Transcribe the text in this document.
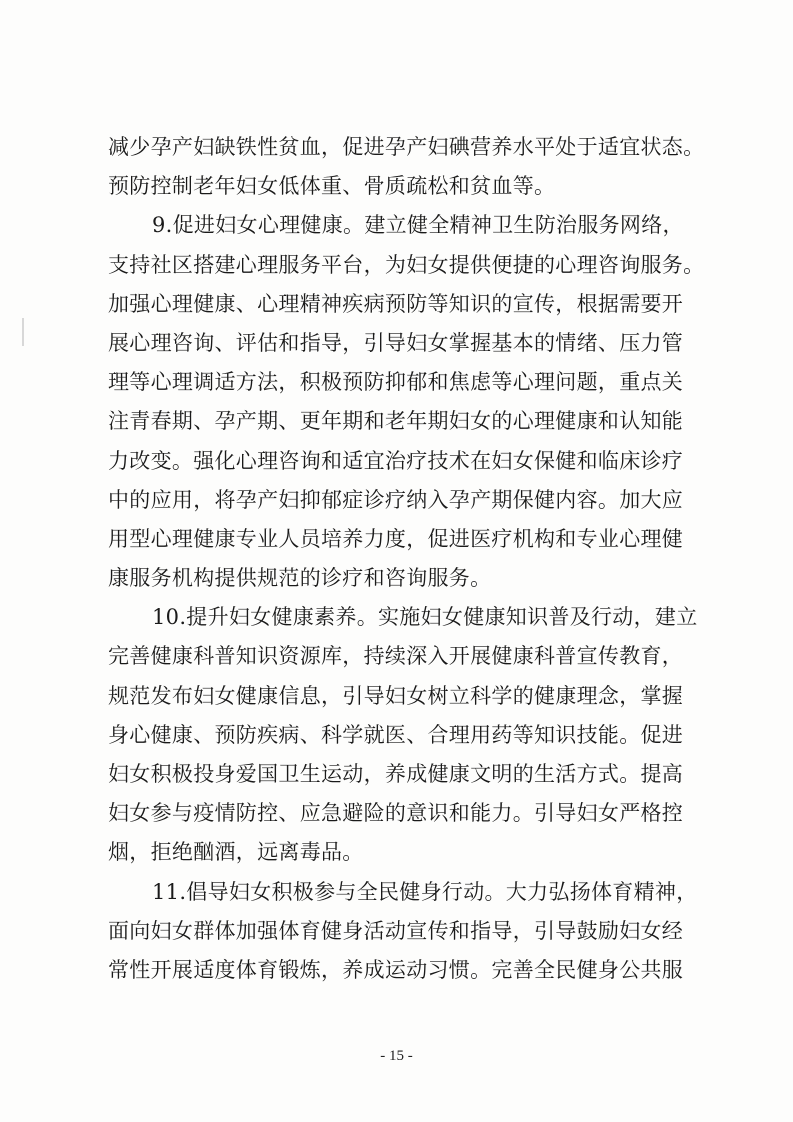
减少孕产妇缺铁性贫血，促进孕产妇碘营养水平处于适宜状态。
预防控制老年妇女低体重、骨质疏松和贫血等。
9.促进妇女心理健康。建立健全精神卫生防治服务网络，
支持社区搭建心理服务平台，为妇女提供便捷的心理咨询服务。
加强心理健康、心理精神疾病预防等知识的宣传，根据需要开
展心理咨询、评估和指导，引导妇女掌握基本的情绪、压力管
理等心理调适方法，积极预防抑郁和焦虑等心理问题，重点关
注青春期、孕产期、更年期和老年期妇女的心理健康和认知能
力改变。强化心理咨询和适宜治疗技术在妇女保健和临床诊疗
中的应用，将孕产妇抑郁症诊疗纳入孕产期保健内容。加大应
用型心理健康专业人员培养力度，促进医疗机构和专业心理健
康服务机构提供规范的诊疗和咨询服务。
10.提升妇女健康素养。实施妇女健康知识普及行动，建立
完善健康科普知识资源库，持续深入开展健康科普宣传教育，
规范发布妇女健康信息，引导妇女树立科学的健康理念，掌握
身心健康、预防疾病、科学就医、合理用药等知识技能。促进
妇女积极投身爱国卫生运动，养成健康文明的生活方式。提高
妇女参与疫情防控、应急避险的意识和能力。引导妇女严格控
烟，拒绝酗酒，远离毒品。
11.倡导妇女积极参与全民健身行动。大力弘扬体育精神，
面向妇女群体加强体育健身活动宣传和指导，引导鼓励妇女经
常性开展适度体育锻炼，养成运动习惯。完善全民健身公共服
- 15 -
